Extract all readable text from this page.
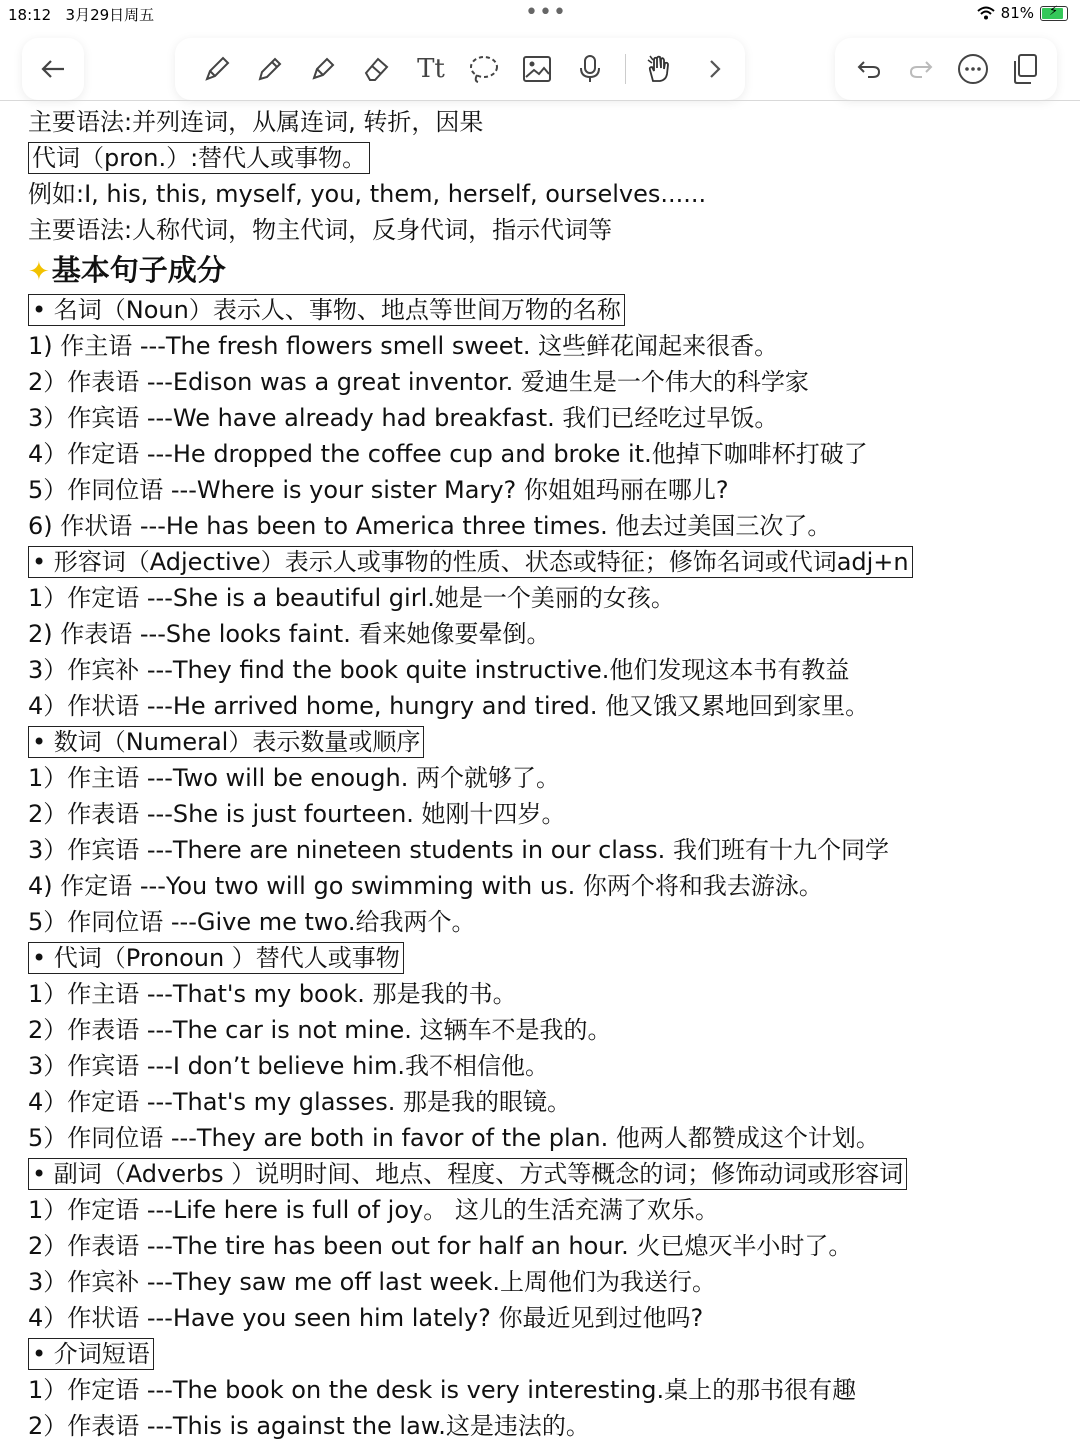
18:12 3月29日周五	•••	81% ⚡
Tt
主要语法:并列连词，从属连词, 转折，因果
代词（pron.）:替代人或事物。
例如:I, his, this, myself, you, them, herself, ourselves......
主要语法:人称代词，物主代词，反身代词，指示代词等
✦基本句子成分
• 名词（Noun）表示人、事物、地点等世间万物的名称
1) 作主语 ---The fresh flowers smell sweet. 这些鲜花闻起来很香。
2）作表语 ---Edison was a great inventor. 爱迪生是一个伟大的科学家
3）作宾语 ---We have already had breakfast. 我们已经吃过早饭。
4）作定语 ---He dropped the coffee cup and broke it.他掉下咖啡杯打破了
5）作同位语 ---Where is your sister Mary? 你姐姐玛丽在哪儿?
6) 作状语 ---He has been to America three times. 他去过美国三次了。
• 形容词（Adjective）表示人或事物的性质、状态或特征；修饰名词或代词adj+n
1）作定语 ---She is a beautiful girl.她是一个美丽的女孩。
2) 作表语 ---She looks faint. 看来她像要晕倒。
3）作宾补 ---They find the book quite instructive.他们发现这本书有教益
4）作状语 ---He arrived home, hungry and tired. 他又饿又累地回到家里。
• 数词（Numeral）表示数量或顺序
1）作主语 ---Two will be enough. 两个就够了。
2）作表语 ---She is just fourteen. 她刚十四岁。
3）作宾语 ---There are nineteen students in our class. 我们班有十九个同学
4) 作定语 ---You two will go swimming with us. 你两个将和我去游泳。
5）作同位语 ---Give me two.给我两个。
• 代词（Pronoun ）替代人或事物
1）作主语 ---That's my book. 那是我的书。
2）作表语 ---The car is not mine. 这辆车不是我的。
3）作宾语 ---I don’t believe him.我不相信他。
4）作定语 ---That's my glasses. 那是我的眼镜。
5）作同位语 ---They are both in favor of the plan. 他两人都赞成这个计划。
• 副词（Adverbs ）说明时间、地点、程度、方式等概念的词；修饰动词或形容词
1）作定语 ---Life here is full of joy。 这儿的生活充满了欢乐。
2）作表语 ---The tire has been out for half an hour. 火已熄灭半小时了。
3）作宾补 ---They saw me off last week.上周他们为我送行。
4）作状语 ---Have you seen him lately? 你最近见到过他吗?
• 介词短语
1）作定语 ---The book on the desk is very interesting.桌上的那书很有趣
2）作表语 ---This is against the law.这是违法的。
